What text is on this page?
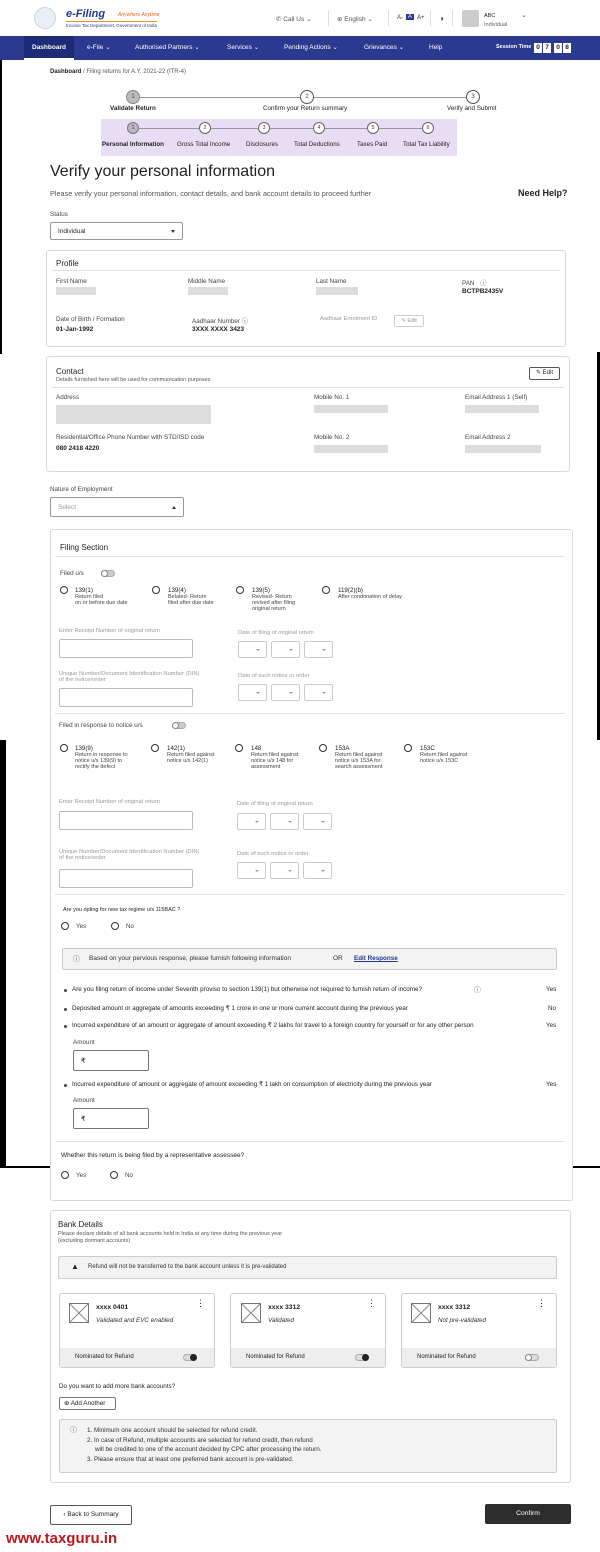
e-Filing	Anywhere Anytime
Income Tax Department, Government of India
✆ Call Us ⌄	⊕ English ⌄	A- A A+ ◑	ABC
Individual
⌄
Dashboard	e-File ⌄	Authorised Partners ⌄	Services ⌄	Pending Actions ⌄	Grievances ⌄	Help	Session Time 0 7	0 8
Dashboard / Filing returns for A.Y. 2021-22 (ITR-4)
1	2	3
Validate Return	Confirm your Return summary	Verify and Submit
1	2	3	4	5	6
Personal Information Gross Total Income	Disclosures	Total Deductions	Taxes Paid	Total Tax Liability
Verify your personal information
Please verify your personal information, contact details, and bank account details to proceed further	Need Help?
Status
Individual
Profile
First Name	Middle Name	Last Name	PAN ⓘ
BCTPB2435V
Date of Birth / Formation
01-Jan-1992
Aadhaar Number ⓘ
3XXX XXXX 3423
Aadhaar Enrolment ID	✎ Edit
Contact
Details furnished here will be used for communication purposes
✎ Edit
Address	Mobile No. 1	Email Address 1 (Self)
Residential/Office Phone Number with STD/ISD code
080 2418 4220
Mobile No. 2	Email Address 2
Nature of Employment
Select
Filing Section
Filed u/s
139(1)
Return filed
on or before due date
139(4)
Belated- Return
filed after due date
139(5)
Revised- Return
revised after filing
original return
119(2)(b)
After condonation of delay
Enter Receipt Number of original return	Date of filing of original return
Unique Number/Document Identification Number (DIN)
of the notice/order
Date of such notice or order
Filed in response to notice u/s
139(9)
Return in response to
notice u/s 139(9) to
rectify the defect
142(1)
Return filed against
notice u/s 142(1)
148
Return filed against
notice u/s 148 for
assessment
153A
Return filed against
notice u/s 153A for
search assessment
153C
Return filed against
notice u/s 153C
Enter Receipt Number of original return	Date of filing of original return
Unique Number/Document Identification Number (DIN)
of the notice/order
Date of such notice or order
Are you opting for new tax regime u/s 115BAC ?
Yes	No
ⓘ Based on your pervious response, please furnish following information	OR Edit Response
Are you filing return of income under Seventh proviso to section 139(1) but otherwise not required to furnish return of income?	ⓘ	Yes
Deposited amount or aggregate of amounts exceeding ₹ 1 crore in one or more current account during the previous year	No
Incurred expenditure of an amount or aggregate of amount exceeding ₹ 2 lakhs for travel to a foreign country for yourself or for any other person	Yes
Amount
₹
Incurred expenditure of amount or aggregate of amount exceeding ₹ 1 lakh on consumption of electricity during the previous year	Yes
Amount
₹
Whether this return is being filed by a representative assessee?
Yes	No
Bank Details
Please declare details of all bank accounts held in India at any time during the previous year
(excluding dormant accounts)
▲ Refund will not be transferred to the bank account unless it is pre-validated
xxxx 0401
Validated and EVC enabled
⋮
Nominated for Refund
xxxx 3312
Validated
⋮
Nominated for Refund
xxxx 3312
Not pre-validated
⋮
Nominated for Refund
Do you want to add more bank accounts?
⊕ Add Another
ⓘ 1. Minimum one account should be selected for refund credit.
2. In case of Refund, multiple accounts are selected for refund credit, then refund
will be credited to one of the account decided by CPC after processing the return.
3. Please ensure that at least one preferred bank account is pre-validated.
‹ Back to Summary	Confirm
www.taxguru.in
